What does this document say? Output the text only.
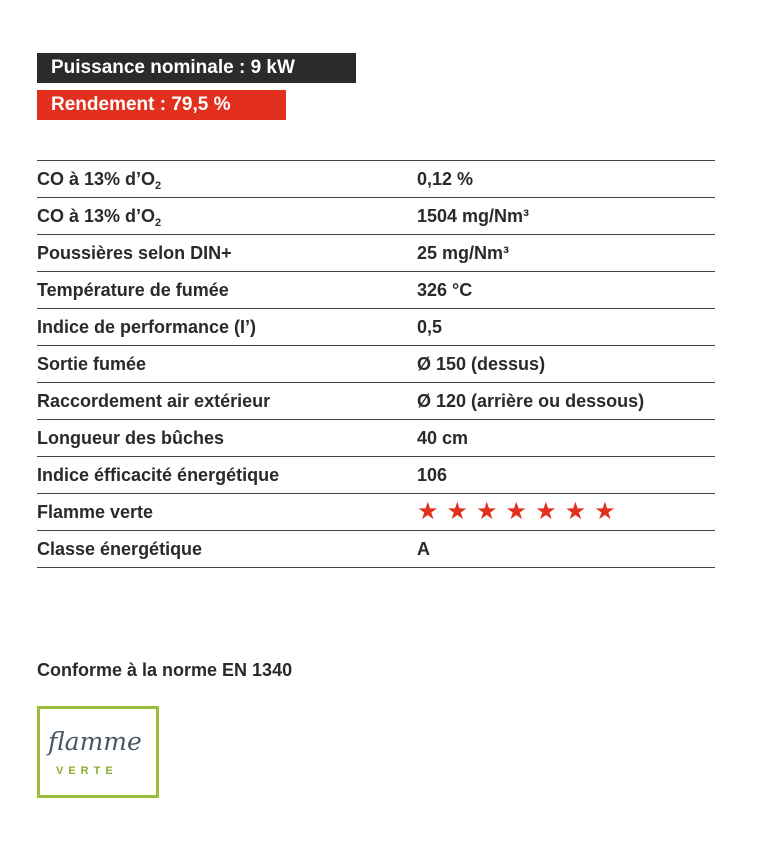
Puissance nominale : 9 kW
Rendement : 79,5 %
CO à 13% $d’O_2$	0,12 %
CO à 13% $d’O_2$	1504 mg/Nm³
Poussières selon DIN+	25 mg/Nm³
Température de fumée	326 °C
Indice de performance (I’)	0,5
Sortie fumée	Ø 150 (dessus)
Raccordement air extérieur	Ø 120 (arrière ou dessous)
Longueur des bûches	40 cm
Indice éfficacité énergétique	106
Flamme verte	★★★★★★★
Classe énergétique	A
Conforme à la norme EN 1340
flamme
VERTE
